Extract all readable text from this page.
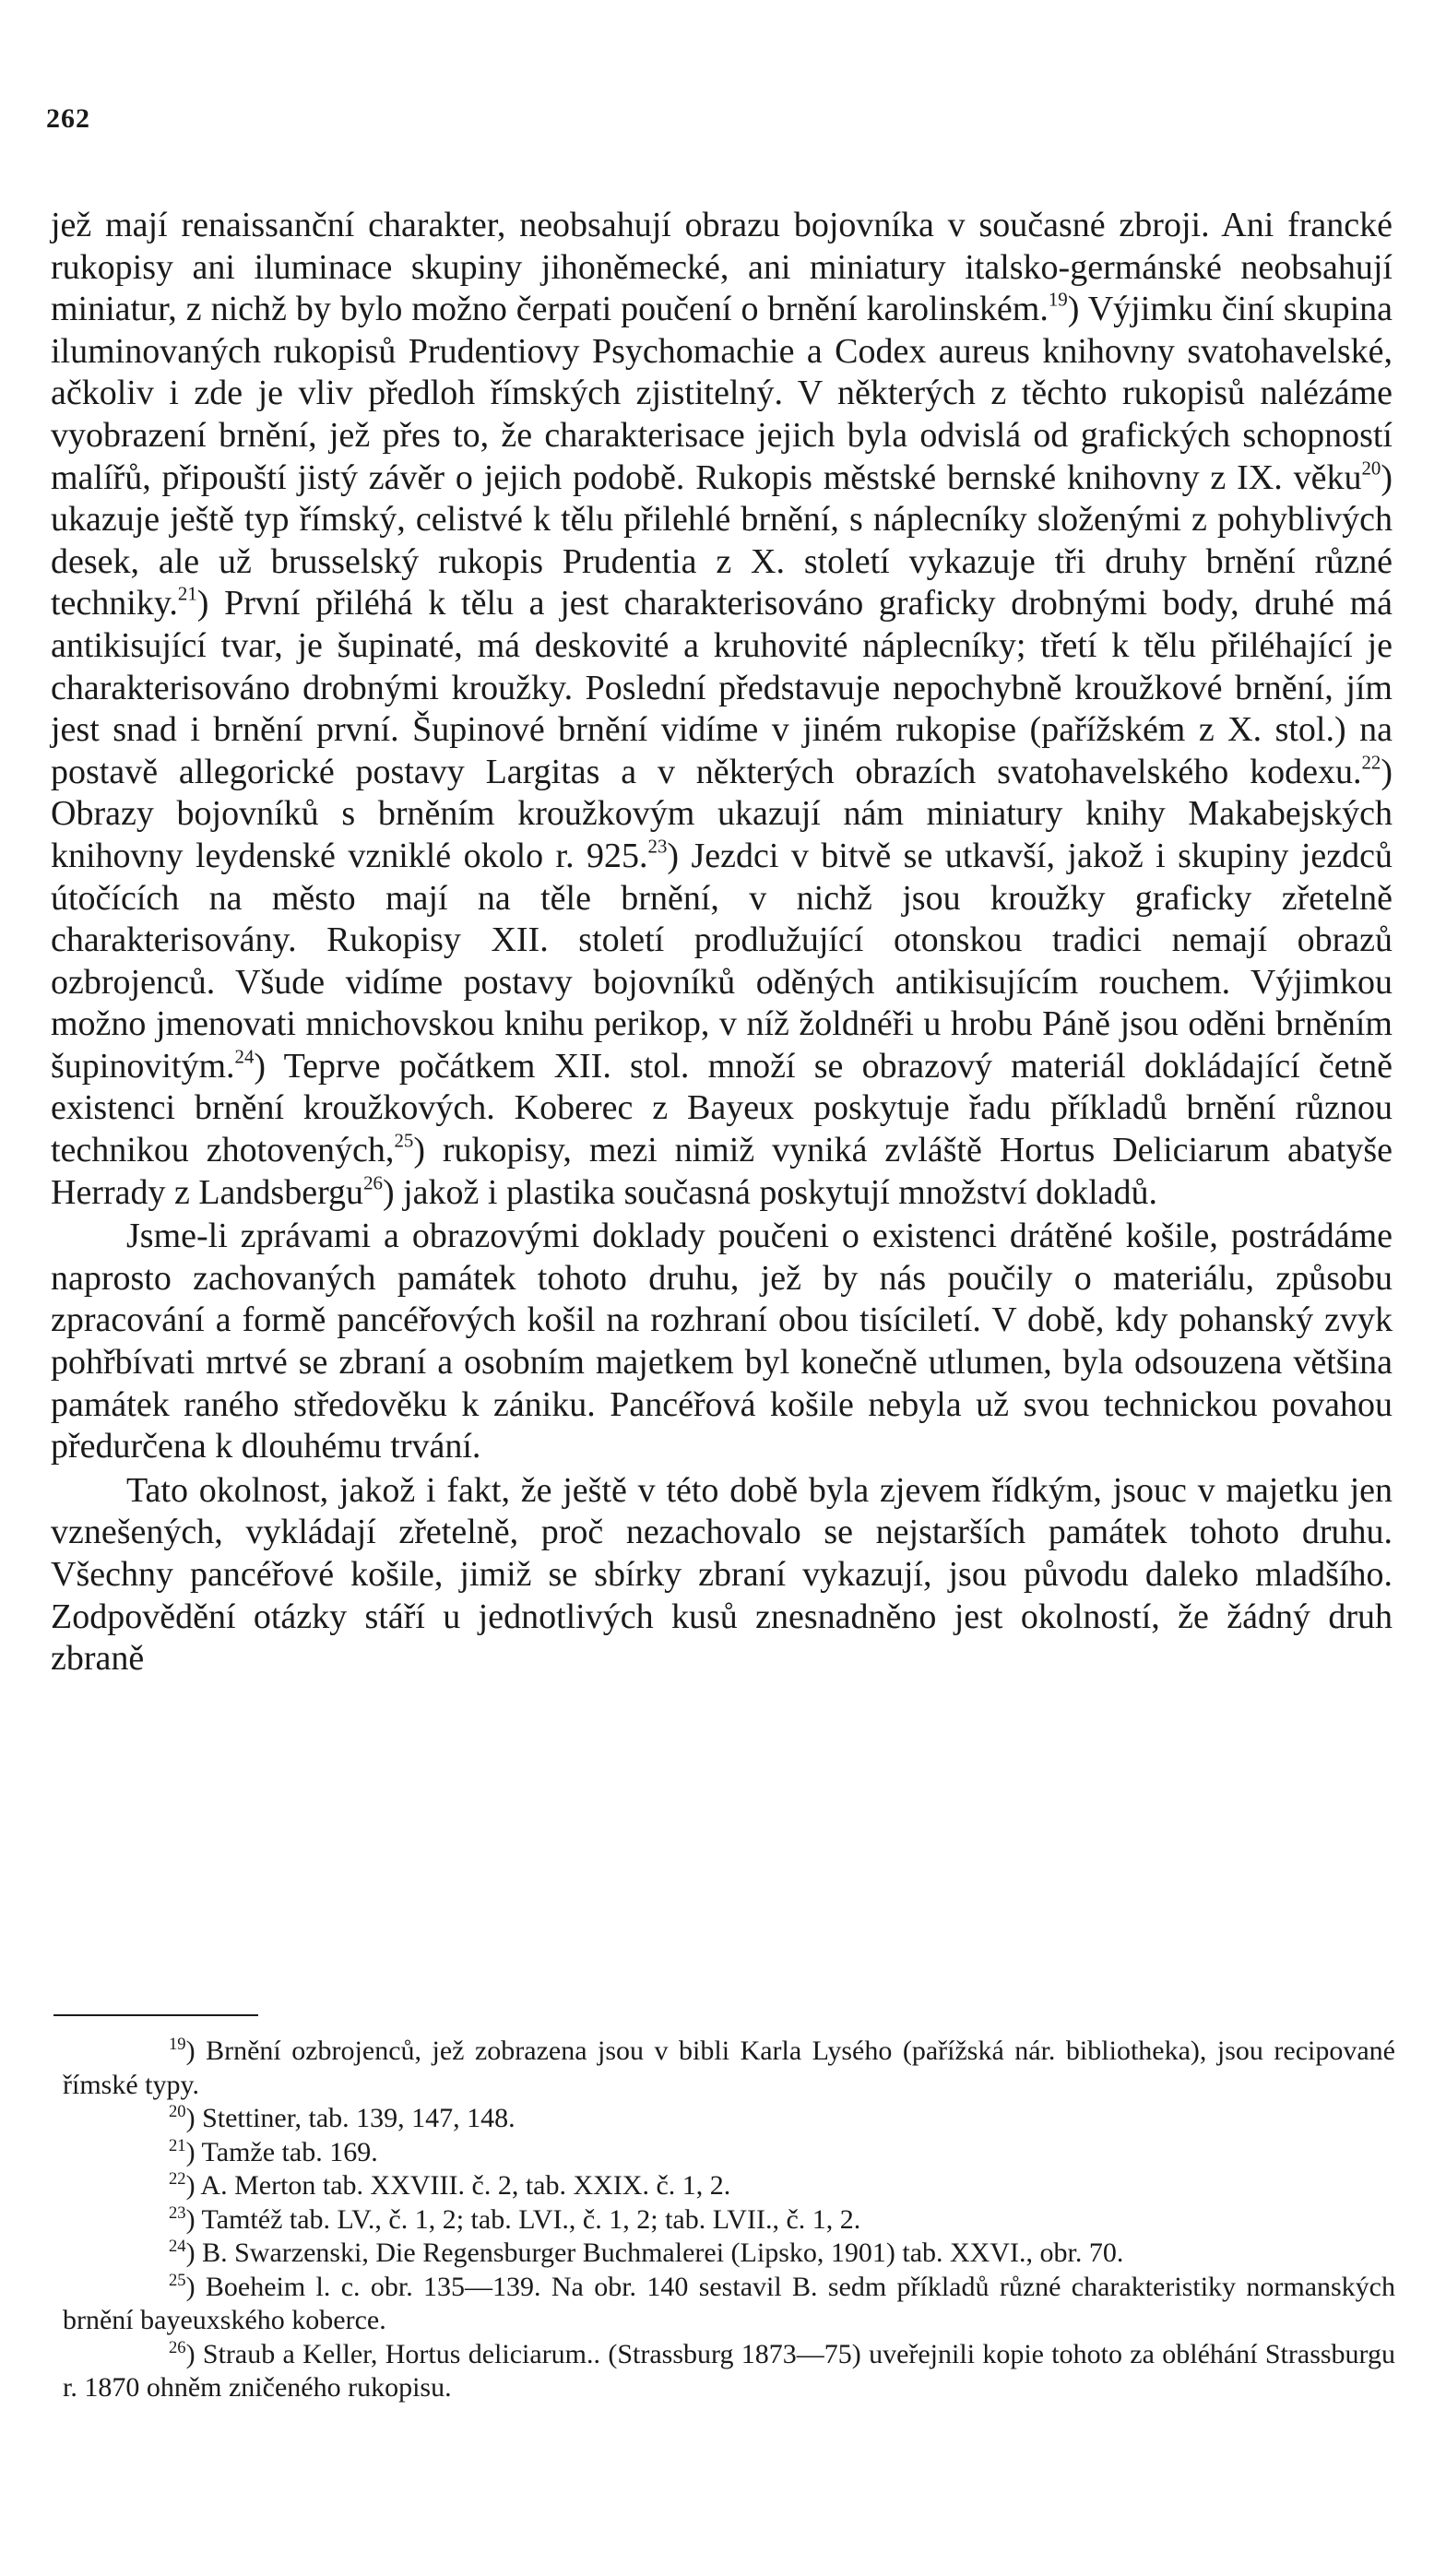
262

jež mají renaissanční charakter, neobsahují obrazu bojovníka v současné zbroji. Ani francké rukopisy ani iluminace skupiny jihoněmecké, ani miniatury italsko-germánské neobsahují miniatur, z nichž by bylo možno čerpati poučení o brnění karolinském.$^{19}$) Výjimku činí skupina iluminovaných rukopisů Prudentiovy Psychomachie a Codex aureus knihovny svatohavelské, ačkoliv i zde je vliv předloh římských zjistitelný. V některých z těchto rukopisů nalézáme vyobrazení brnění, jež přes to, že charakterisace jejich byla odvislá od grafických schopností malířů, připouští jistý závěr o jejich podobě. Rukopis městské bernské knihovny z IX. věku$^{20}$) ukazuje ještě typ římský, celistvé k tělu přilehlé brnění, s náplecníky složenými z pohyblivých desek, ale už brusselský rukopis Prudentia z X. století vykazuje tři druhy brnění různé techniky.$^{21}$) První přiléhá k tělu a jest charakterisováno graficky drobnými body, druhé má antikisující tvar, je šupinaté, má deskovité a kruhovité náplecníky; třetí k tělu přiléhající je charakterisováno drobnými kroužky. Poslední představuje nepochybně kroužkové brnění, jím jest snad i brnění první. Šupinové brnění vidíme v jiném rukopise (pařížském z X. stol.) na postavě allegorické postavy Largitas a v některých obrazích svatohavelského kodexu.$^{22}$) Obrazy bojovníků s brněním kroužkovým ukazují nám miniatury knihy Makabejských knihovny leydenské vzniklé okolo r. 925.23) Jezdci v bitvě se utkavší, jakož i skupiny jezdců útočících na město mají na těle brnění, v nichž jsou kroužky graficky zřetelně charakterisovány. Rukopisy XII. století prodlužující otonskou tradici nemají obrazů ozbrojenců. Všude vidíme postavy bojovníků oděných antikisujícím rouchem. Výjimkou možno jmenovati mnichovskou knihu perikop, v níž žoldnéři u hrobu Páně jsou oděni brněním šupinovitým.$^{24}$) Teprve počátkem XII. stol. množí se obrazový materiál dokládající četně existenci brnění kroužkových. Koberec z Bayeux poskytuje řadu příkladů brnění různou technikou zhotovených,$^{25}$) rukopisy, mezi nimiž vyniká zvláště Hortus Deliciarum abatyše Herrady z Landsbergu$^{26}$) jakož i plastika současná poskytují množství dokladů.

Jsme-li zprávami a obrazovými doklady poučeni o existenci drátěné košile, postrádáme naprosto zachovaných památek tohoto druhu, jež by nás poučily o materiálu, způsobu zpracování a formě pancéřových košil na rozhraní obou tisíciletí. V době, kdy pohanský zvyk pohřbívati mrtvé se zbraní a osobním majetkem byl konečně utlumen, byla odsouzena většina památek raného středověku k zániku. Pancéřová košile nebyla už svou technickou povahou předurčena k dlouhému trvání.

Tato okolnost, jakož i fakt, že ještě v této době byla zjevem řídkým, jsouc v majetku jen vznešených, vykládají zřetelně, proč nezachovalo se nejstarších památek tohoto druhu. Všechny pancéřové košile, jimiž se sbírky zbraní vykazují, jsou původu daleko mladšího. Zodpovědění otázky stáří u jednotlivých kusů znesnadněno jest okolností, že žádný druh zbraně

$^{19}$) Brnění ozbrojenců, jež zobrazena jsou v bibli Karla Lysého (pařížská nár. bibliotheka), jsou recipované římské typy.

$^{20}$) Stettiner, tab. 139, 147, 148.

$^{21}$) Tamže tab. 169.

$^{22}$) A. Merton tab. XXVIII. č. 2, tab. XXIX. č. 1, 2.

$^{23}$) Tamtéž tab. LV., č. 1, 2; tab. LVI., č. 1, 2; tab. LVII., č. 1, 2.

$^{24}$) B. Swarzenski, Die Regensburger Buchmalerei (Lipsko, 1901) tab. XXVI., obr. 70.

$^{25}$) Boeheim l. c. obr. 135—139. Na obr. 140 sestavil B. sedm příkladů různé charakteristiky normanských brnění bayeuxského koberce.

$^{26}$) Straub a Keller, Hortus deliciarum.. (Strassburg 1873—75) uveřejnili kopie tohoto za obléhání Strassburgu r. 1870 ohněm zničeného rukopisu.
